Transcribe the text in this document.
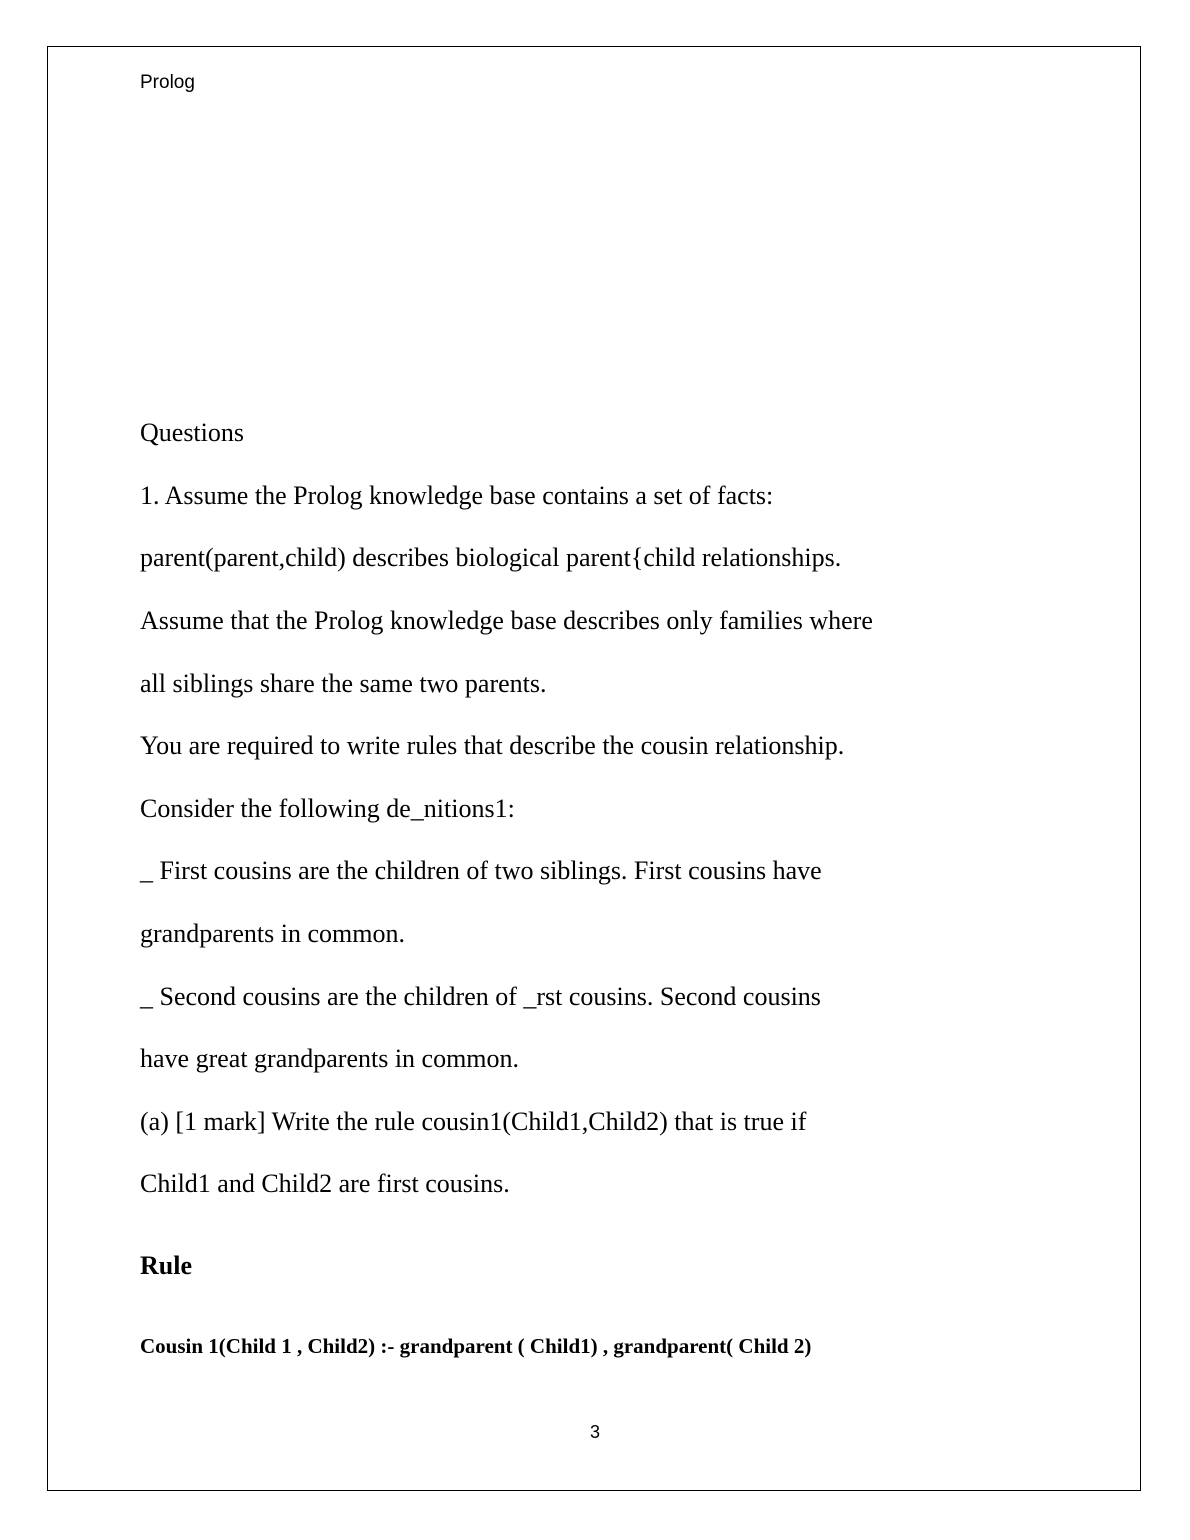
Prolog
Questions
1. Assume the Prolog knowledge base contains a set of facts:
parent(parent,child) describes biological parent{child relationships.
Assume that the Prolog knowledge base describes only families where
all siblings share the same two parents.
You are required to write rules that describe the cousin relationship.
Consider the following de_nitions1:
_ First cousins are the children of two siblings. First cousins have
grandparents in common.
_ Second cousins are the children of _rst cousins. Second cousins
have great grandparents in common.
(a) [1 mark] Write the rule cousin1(Child1,Child2) that is true if
Child1 and Child2 are first cousins.
Rule
Cousin 1(Child 1 , Child2) :- grandparent ( Child1) , grandparent( Child 2)
3
